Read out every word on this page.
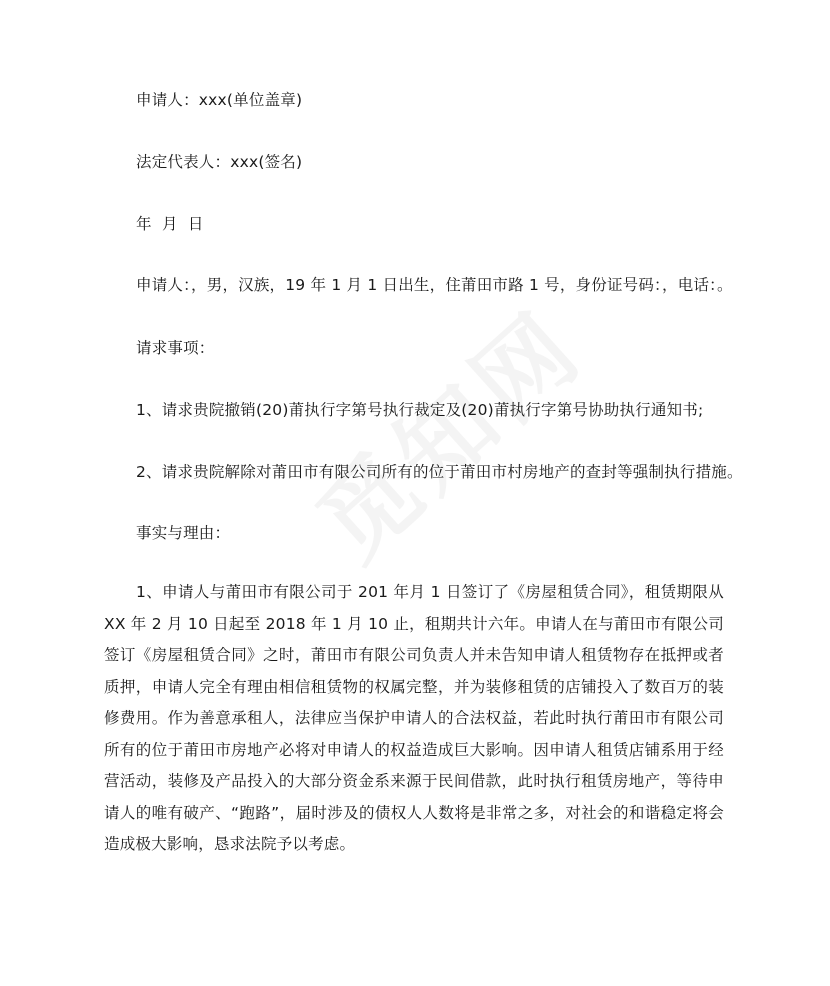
申请人：xxx(单位盖章)
法定代表人：xxx(签名)
年  月  日
申请人：，男，汉族，19 年 1 月 1 日出生，住莆田市路 1 号，身份证号码：，电话：。
请求事项：
1、请求贵院撤销(20)莆执行字第号执行裁定及(20)莆执行字第号协助执行通知书;
2、请求贵院解除对莆田市有限公司所有的位于莆田市村房地产的查封等强制执行措施。
事实与理由：
1、申请人与莆田市有限公司于 201 年月 1 日签订了《房屋租赁合同》，租赁期限从 XX 年 2 月 10 日起至 2018 年 1 月 10 止，租期共计六年。申请人在与莆田市有限公司签订《房屋租赁合同》之时，莆田市有限公司负责人并未告知申请人租赁物存在抵押或者质押，申请人完全有理由相信租赁物的权属完整，并为装修租赁的店铺投入了数百万的装修费用。作为善意承租人，法律应当保护申请人的合法权益，若此时执行莆田市有限公司所有的位于莆田市房地产必将对申请人的权益造成巨大影响。因申请人租赁店铺系用于经营活动，装修及产品投入的大部分资金系来源于民间借款，此时执行租赁房地产，等待申请人的唯有破产、“跑路”，届时涉及的债权人人数将是非常之多，对社会的和谐稳定将会造成极大影响，恳求法院予以考虑。
